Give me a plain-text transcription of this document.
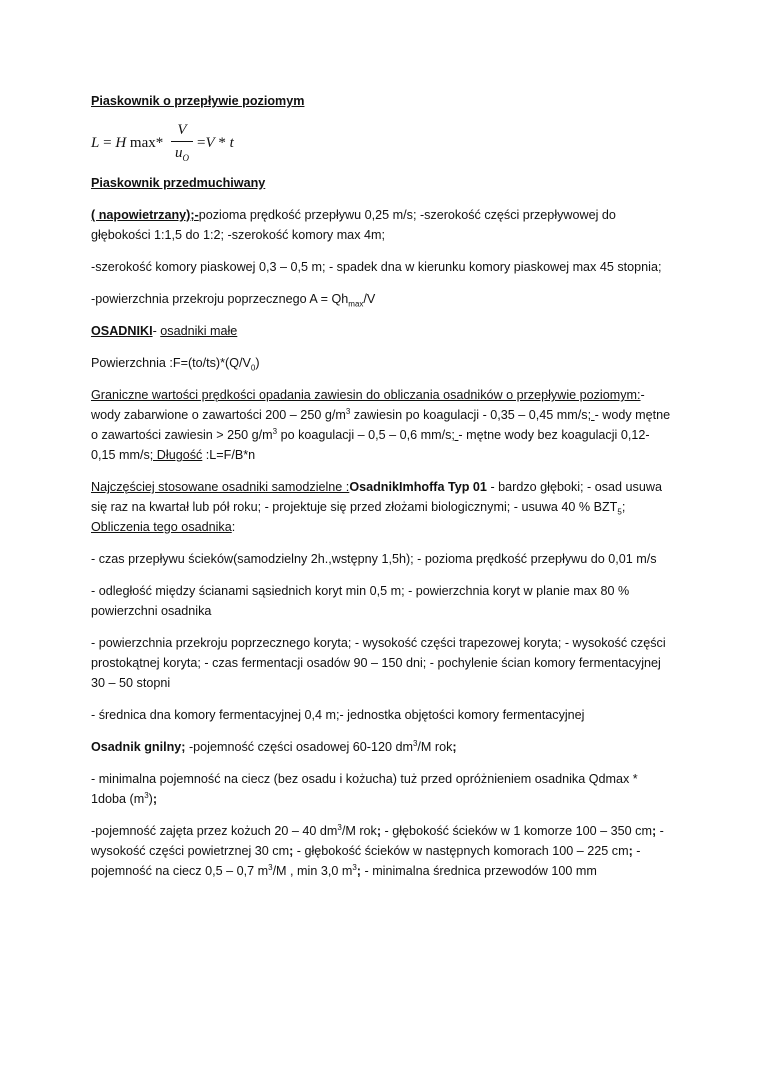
Piaskownik o przepływie poziomym

L = H max*
V
$u_O$
=V * t

Piaskownik przedmuchiwany

( napowietrzany);-pozioma prędkość przepływu 0,25 m/s; -szerokość części przepływowej do głębokości 1:1,5 do 1:2; -szerokość komory max 4m;

-szerokość komory piaskowej 0,3 – 0,5 m; - spadek dna w kierunku komory piaskowej max 45 stopnia;

-powierzchnia przekroju poprzecznego $A = Qh_{max}/V$

OSADNIKI- osadniki małe

Powierzchnia $:F=(to/ts)*(Q/V_0)$

Graniczne wartości prędkości opadania zawiesin do obliczania osadników o przepływie poziomym:- wody zabarwione o zawartości 200 – 250 $g/m^3$ zawiesin po koagulacji - 0,35 – 0,45 mm/s; - wody mętne o zawartości zawiesin > 250 $g/m^3$ po koagulacji – 0,5 – 0,6 mm/s; - mętne wody bez koagulacji 0,12-0,15 mm/s; Długość :L=F/B*n

Najczęściej stosowane osadniki samodzielne :OsadnikImhoffa Typ 01 - bardzo głęboki; - osad usuwa się raz na kwartał lub pół roku; - projektuje się przed złożami biologicznymi; - usuwa 40 % $BZT_5$; Obliczenia tego osadnika:

- czas przepływu ścieków(samodzielny 2h.,wstępny 1,5h); - pozioma prędkość przepływu do 0,01 m/s

- odległość między ścianami sąsiednich koryt min 0,5 m; - powierzchnia koryt w planie max 80 % powierzchni osadnika

- powierzchnia przekroju poprzecznego koryta; - wysokość części trapezowej koryta; - wysokość części prostokątnej koryta; - czas fermentacji osadów 90 – 150 dni; - pochylenie ścian komory fermentacyjnej 30 – 50 stopni

- średnica dna komory fermentacyjnej 0,4 m;- jednostka objętości komory fermentacyjnej

Osadnik gnilny; -pojemność części osadowej 60-120 $dm^3/M$ rok;

- minimalna pojemność na ciecz (bez osadu i kożucha) tuż przed opróżnieniem osadnika Qdmax * 1doba $(m^3)$;

-pojemność zajęta przez kożuch 20 – 40 $dm^3/M$ rok; - głębokość ścieków w 1 komorze 100 – 350 cm; - wysokość części powietrznej 30 cm; - głębokość ścieków w następnych komorach 100 – 225 cm; - pojemność na ciecz 0,5 – 0,7 $m^3/M$ , min 3,0 $m^3$; - minimalna średnica przewodów 100 mm
